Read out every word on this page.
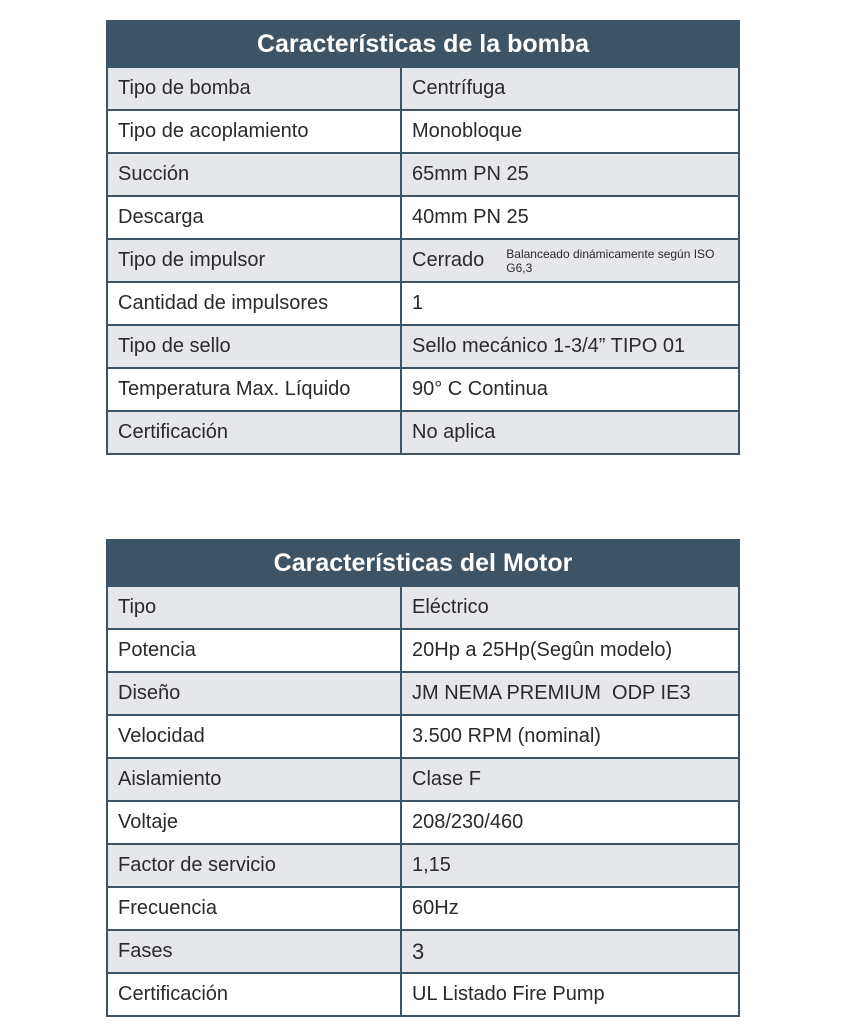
Características de la bomba
Tipo de bomba	Centrífuga
Tipo de acoplamiento	Monobloque
Succión	65mm PN 25
Descarga	40mm PN 25
Tipo de impulsor	Cerrado Balanceado dinámicamente según ISO G6,3
Cantidad de impulsores	1
Tipo de sello	Sello mecánico 1-3/4” TIPO 01
Temperatura Max. Líquido	90° C Continua
Certificación	No aplica
Características del Motor
Tipo	Eléctrico
Potencia	20Hp a 25Hp(Segûn modelo)
Diseño	JM NEMA PREMIUM  ODP IE3
Velocidad	3.500 RPM (nominal)
Aislamiento	Clase F
Voltaje	208/230/460
Factor de servicio	1,15
Frecuencia	60Hz
Fases	3
Certificación	UL Listado Fire Pump
